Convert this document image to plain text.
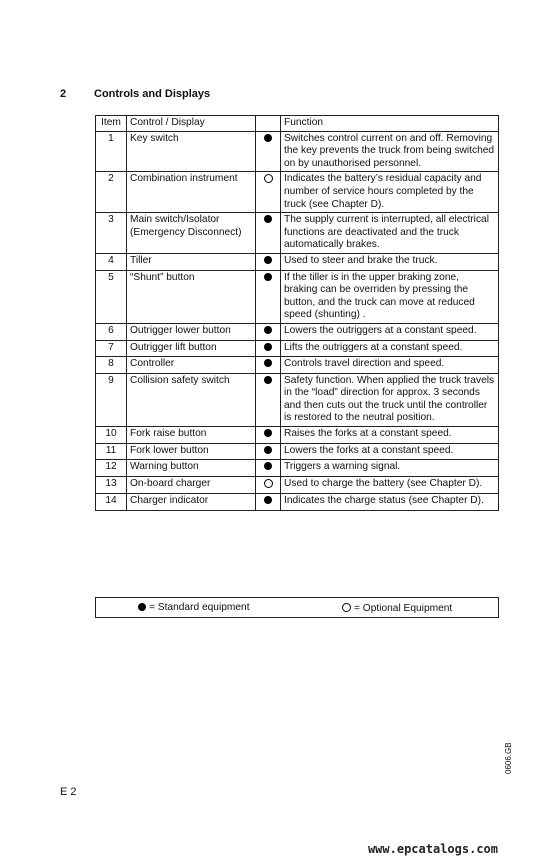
2	Controls and Displays
Item	Control / Display		Function
1	Key switch		Switches control current on and off. Removing the key prevents the truck from being switched on by unauthorised personnel.
2	Combination instrument		Indicates the battery’s residual capacity and number of service hours completed by the truck (see Chapter D).
3	Main switch/Isolator (Emergency Disconnect)		The supply current is interrupted, all electrical functions are deactivated and the truck automatically brakes.
4	Tiller		Used to steer and brake the truck.
5	“Shunt” button		If the tiller is in the upper braking zone, braking can be overriden by pressing the button, and the truck can move at reduced speed (shunting) .
6	Outrigger lower button		Lowers the outriggers at a constant speed.
7	Outrigger lift button		Lifts the outriggers at a constant speed.
8	Controller		Controls travel direction and speed.
9	Collision safety switch		Safety function. When applied the truck travels in the “load” direction for approx. 3 seconds and then cuts out the truck until the controller is restored to the neutral position.
10	Fork raise button		Raises the forks at a constant speed.
11	Fork lower button		Lowers the forks at a constant speed.
12	Warning button		Triggers a warning signal.
13	On-board charger		Used to charge the battery (see Chapter D).
14	Charger indicator		Indicates the charge status (see Chapter D).
= Standard equipment	= Optional Equipment
0606.GB
E 2
www.epcatalogs.com
